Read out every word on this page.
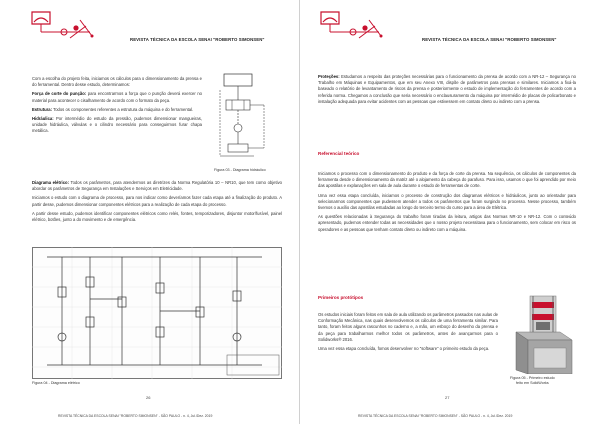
REVISTA TÉCNICA DA ESCOLA SENAI "ROBERTO SIMONSEN"

Com a escolha do projeto feita, iniciamos os cálculos para o dimensionamento da prensa e do ferramental. Dentro desse estudo, determinamos:

Força de corte do punção: para encontrarmos a força que o punção deverá exercer no material para acontecer o cisalhamento de acordo com o formato da peça.

Estrutura: Todos os componentes referentes a estrutura da máquina e do ferramental.

Hidráulica: Por intermédio do estudo da pressão, pudemos dimensionar mangueiras, unidade hidráulica, válvulas e o cilindro necessário para conseguirmos furar chapa metálica.

Diagrama elétrico: Todos os parâmetros, para atendermos as diretrizes da Norma Regulatória 10 – NR10, que tem como objetivo abordar os parâmetros de Segurança em Instalações e Serviços em Eletricidade.

Iniciamos o estudo com o diagrama de processo, para nos indicar como deveríamos fazer cada etapa até a finalização do produto. A partir desse, pudemos dimensionar componentes elétricos para a realização de cada etapa do processo.

A partir desse estudo, pudemos identificar componentes elétricos como relés, fontes, temporizadores, disjuntor motor/fusível, painel elétrico, botões, junto a do movimento e de emergência.

Figura 03 - Diagrama hidráulico
Figura 04 - Diagrama elétrico
26
REVISTA TÉCNICA DA ESCOLA SENAI "ROBERTO SIMONSEN" - SÃO PAULO - n. 4, Jul./Dez. 2019
REVISTA TÉCNICA DA ESCOLA SENAI "ROBERTO SIMONSEN"

Proteções: Estudamos a respeito das proteções necessárias para o funcionamento da prensa de acordo com a NR-12 – Segurança no Trabalho em Máquinas e Equipamentos, que em seu Anexo VIII, dispõe de parâmetros para prensas e similares. Iniciamos a fixá-la baseado o relatório de levantamento de riscos da prensa e posteriormente o estudo de implementação do ferramentes de acordo com a referida norma. Chegamos a conclusão que seria necessário o enclausuramento da máquina por intermédio de placas de policarbonato e instalação adequada para evitar acidentes com as pessoas que estivessem em contato direto ou indireto com a prensa.

Referencial teórico

Iniciamos o processo com o dimensionamento do produto e da força de corte da prensa. Na sequência, os cálculos de componentes da ferramenta desde o dimensionamento da matriz até o alojamento da cabeça do parafuso. Para isso, usamos o que foi aprendido por meio das apostilas e explanações em sala de aula durante o estudo de ferramentas de corte.

Uma vez essa etapa concluída, iniciamos o processo de construção dos diagramas elétricos e hidráulicos, junto ao orientador para selecionarmos componentes que pudessem atender a todos os parâmetros que foram surgindo no processo. Nesse processo, também tivemos o auxílio das apostilas estudadas ao longo do terceiro termo do curso para a área de Elétrica.

As questões relacionadas à Segurança do trabalho foram tiradas da leitura, artigos das Normas NR-10 e NR-12. Com o conteúdo apresentado, pudemos entender todas as necessidades que o nosso projeto necessitava para o funcionamento, sem colocar em risco os operadores e as pessoas que tenham contato direto ou indireto com a máquina.

Primeiros protótipos

Os estudos iniciais foram feitos em sala de aula utilizando os parâmetros passados nas aulas de Conformação Mecânica, nas quais desenvolvemos os cálculos de uma ferramenta similar. Para tanto, foram feitos alguns rascunhos no caderno e, a mão, um esboço do desenho da prensa e da peça para trabalharmos melhor todos os parâmetros, antes de avançarmos para o Solidworks® 2016.

Uma vez essa etapa concluída, fomos desenvolver no "software" o primeiro estudo da peça.

Figura 05 - Primeiro estudo
feito em SolidWorks
27
REVISTA TÉCNICA DA ESCOLA SENAI "ROBERTO SIMONSEN" - SÃO PAULO - n. 4, Jul./Dez. 2019
